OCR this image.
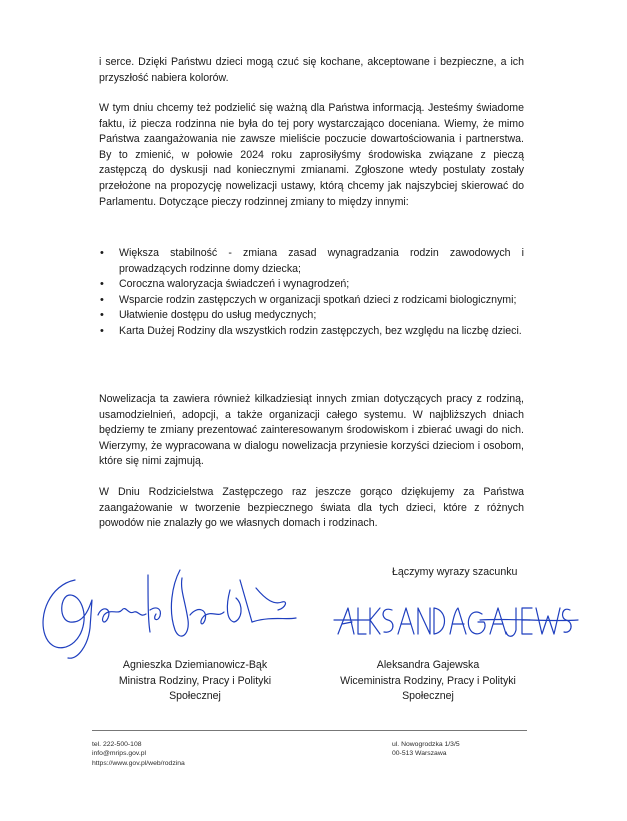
i serce. Dzięki Państwu dzieci mogą czuć się kochane, akceptowane i bezpieczne, a ich przyszłość nabiera kolorów.

W tym dniu chcemy też podzielić się ważną dla Państwa informacją. Jesteśmy świadome faktu, iż piecza rodzinna nie była do tej pory wystarczająco doceniana. Wiemy, że mimo Państwa zaangażowania nie zawsze mieliście poczucie dowartościowania i partnerstwa. By to zmienić, w połowie 2024 roku zaprosiłyśmy środowiska związane z pieczą zastępczą do dyskusji nad koniecznymi zmianami. Zgłoszone wtedy postulaty zostały przełożone na propozycję nowelizacji ustawy, którą chcemy jak najszybciej skierować do Parlamentu. Dotyczące pieczy rodzinnej zmiany to między innymi:

• Większa stabilność - zmiana zasad wynagradzania rodzin zawodowych i prowadzących rodzinne domy dziecka;
• Coroczna waloryzacja świadczeń i wynagrodzeń;
• Wsparcie rodzin zastępczych w organizacji spotkań dzieci z rodzicami biologicznymi;
• Ułatwienie dostępu do usług medycznych;
• Karta Dużej Rodziny dla wszystkich rodzin zastępczych, bez względu na liczbę dzieci.

Nowelizacja ta zawiera również kilkadziesiąt innych zmian dotyczących pracy z rodziną, usamodzielnień, adopcji, a także organizacji całego systemu. W najbliższych dniach będziemy te zmiany prezentować zainteresowanym środowiskom i zbierać uwagi do nich. Wierzymy, że wypracowana w dialogu nowelizacja przyniesie korzyści dzieciom i osobom, które się nimi zajmują.

W Dniu Rodzicielstwa Zastępczego raz jeszcze gorąco dziękujemy za Państwa zaangażowanie w tworzenie bezpiecznego świata dla tych dzieci, które z różnych powodów nie znalazły go we własnych domach i rodzinach.

Łączymy wyrazy szacunku
Agnieszka Dziemianowicz-Bąk
Ministra Rodziny, Pracy i Polityki
Społecznej
Aleksandra Gajewska
Wiceministra Rodziny, Pracy i Polityki
Społecznej
tel. 222-500-108
info@mrips.gov.pl
https://www.gov.pl/web/rodzina
ul. Nowogrodzka 1/3/5
00-513 Warszawa
